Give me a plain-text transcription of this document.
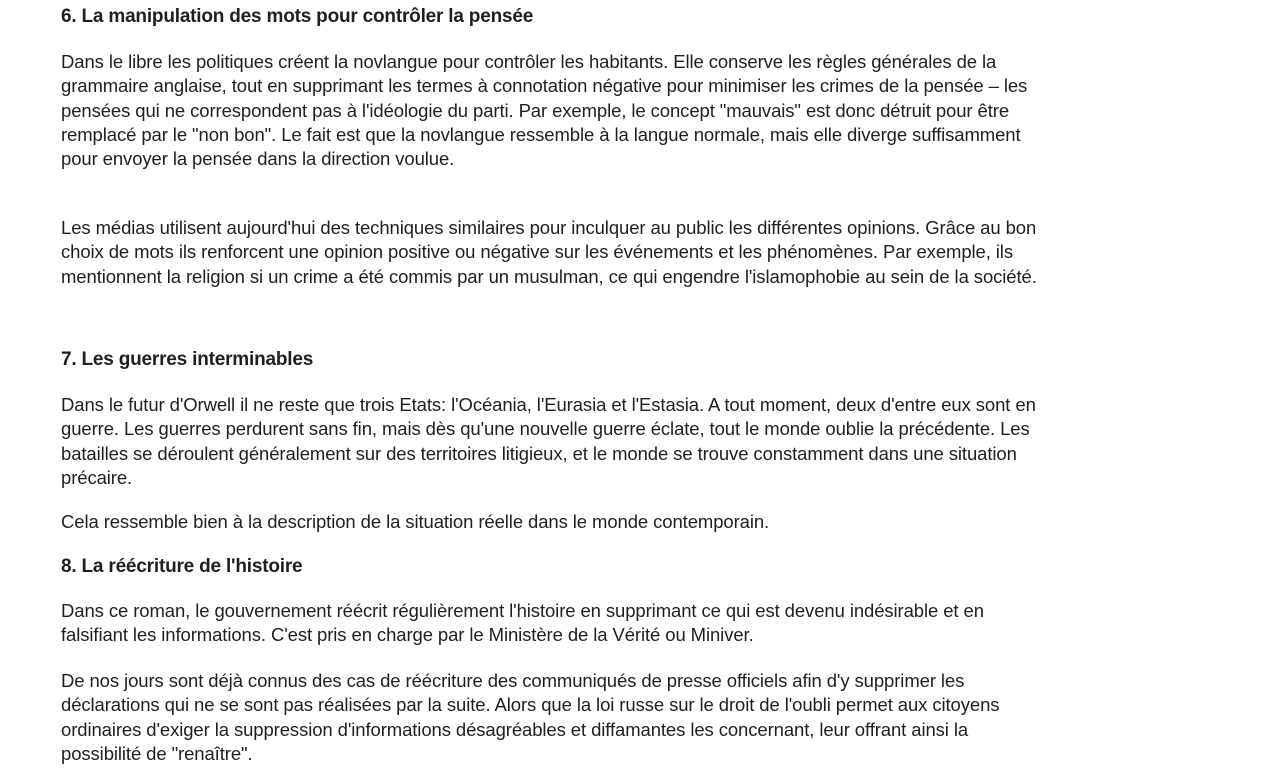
6. La manipulation des mots pour contrôler la pensée

Dans le libre les politiques créent la novlangue pour contrôler les habitants. Elle conserve les règles générales de la grammaire anglaise, tout en supprimant les termes à connotation négative pour minimiser les crimes de la pensée – les pensées qui ne correspondent pas à l'idéologie du parti. Par exemple, le concept "mauvais" est donc détruit pour être remplacé par le "non bon". Le fait est que la novlangue ressemble à la langue normale, mais elle diverge suffisamment pour envoyer la pensée dans la direction voulue.

Les médias utilisent aujourd'hui des techniques similaires pour inculquer au public les différentes opinions. Grâce au bon choix de mots ils renforcent une opinion positive ou négative sur les événements et les phénomènes. Par exemple, ils mentionnent la religion si un crime a été commis par un musulman, ce qui engendre l'islamophobie au sein de la société.

7. Les guerres interminables

Dans le futur d'Orwell il ne reste que trois Etats: l'Océania, l'Eurasia et l'Estasia. A tout moment, deux d'entre eux sont en guerre. Les guerres perdurent sans fin, mais dès qu'une nouvelle guerre éclate, tout le monde oublie la précédente. Les batailles se déroulent généralement sur des territoires litigieux, et le monde se trouve constamment dans une situation précaire.

Cela ressemble bien à la description de la situation réelle dans le monde contemporain.

8. La réécriture de l'histoire

Dans ce roman, le gouvernement réécrit régulièrement l'histoire en supprimant ce qui est devenu indésirable et en falsifiant les informations. C'est pris en charge par le Ministère de la Vérité ou Miniver.

De nos jours sont déjà connus des cas de réécriture des communiqués de presse officiels afin d'y supprimer les déclarations qui ne se sont pas réalisées par la suite. Alors que la loi russe sur le droit de l'oubli permet aux citoyens ordinaires d'exiger la suppression d'informations désagréables et diffamantes les concernant, leur offrant ainsi la possibilité de "renaître".
